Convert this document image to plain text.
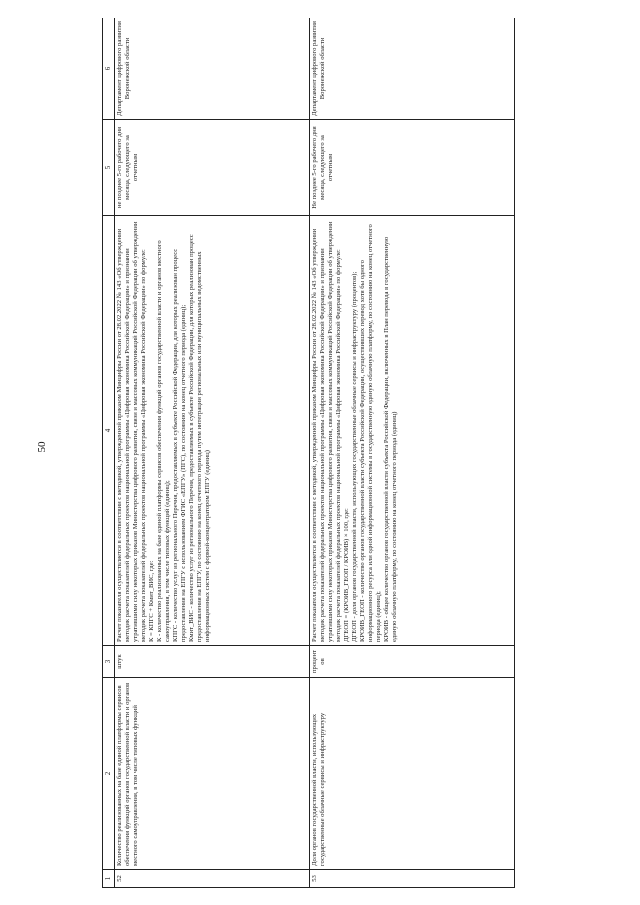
50
1	2	3	4	5	6
52	Количество реализованных на базе единой платформы сервисов обеспечения функций органов государственной власти и органов местного самоуправления, в том числе типовых функций	штук	Расчет показателя осуществляется в соответствии с методикой, утвержденной приказом Минцифры России от 28.02.2022 № 143 «Об утверждении методик расчета показателей федеральных проектов национальной программы «Цифровая экономика Российской Федерации» и признании утратившими силу некоторых приказов Министерства цифрового развития, связи и массовых коммуникаций Российской Федерации об утверждении методик расчета показателей федеральных проектов национальной программы «Цифровая экономика Российской Федерации» по формуле: К = КПГС + Кмит_ВИС, где: К - количество реализованных на базе единой платформы сервисов обеспечения функций органов государственной власти и органов местного самоуправления, в том числе типовых функций (единиц); КПГС - количество услуг из регионального Перечня, предоставляемых в субъекте Российской Федерации, для которых реализован процесс предоставления на ЕПГУ с использованием ФГИС «ЕПГУ» (ПГС), по состоянию на конец отчетного периода (единиц); Кмит_ВИС - количество услуг из регионального Перечня, предоставляемых в субъекте Российской Федерации, для которых реализован процесс предоставления на ЕПГУ, по состоянию на конец отчетного периода путем интеграции региональных или муниципальных ведомственных информационных систем с формой-концентратором ЕПГУ (единиц)	не позднее 5-го рабочего дня месяца, следующего за отчетным	Департамент цифрового развития Воронежской области
53	Доля органов государственной власти, использующих государственные облачные сервисы и инфраструктуру	процентов	Расчет показателя осуществляется в соответствии с методикой, утвержденной приказом Минцифры России от 28.02.2022 № 143 «Об утверждении методик расчета показателей федеральных проектов национальной программы «Цифровая экономика Российской Федерации» и признании утратившими силу некоторых приказов Министерства цифрового развития, связи и массовых коммуникаций Российской Федерации об утверждении методик расчета показателей федеральных проектов национальной программы «Цифровая экономика Российской Федерации» по формуле: ДГЕОП = (КРОИВ_ГЕОП / КРОИВ) × 100, где: ДГЕОП - доля органов государственной власти, использующих государственные облачные сервисы и инфраструктуру (процентов); КРОИВ_ГЕОП - количество органов государственной власти субъекта Российской Федерации, осуществивших перевод хотя бы одного информационного ресурса или одной информационной системы в государственную единую облачную платформу, по состоянию на конец отчетного периода (единиц); КРОИВ - общее количество органов государственной власти субъекта Российской Федерации, включенных в План перевода в государственную единую облачную платформу, по состоянию на конец отчетного периода (единиц)	Не позднее 5-го рабочего дня месяца, следующего за отчетным	Департамент цифрового развития Воронежской области
